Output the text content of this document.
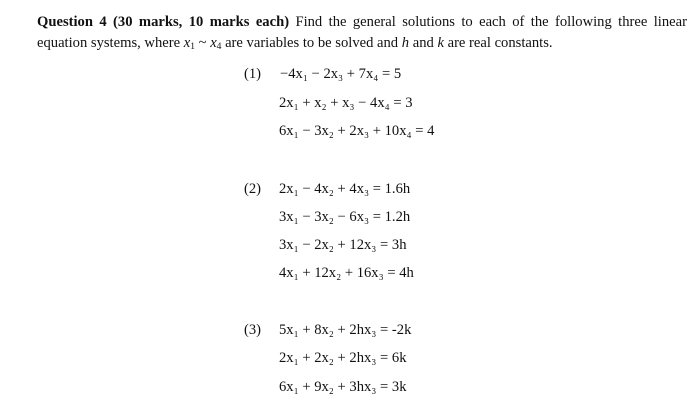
Question 4 (30 marks, 10 marks each) Find the general solutions to each of the following three linear
equation systems, where $x_1$ ~ $x_4$ are variables to be solved and h and k are real constants.
(1) −4x₁ − 2x₃ + 7x₄ = 5
2x₁ + x₂ + x₃ − 4x₄ = 3
6x₁ − 3x₂ + 2x₃ + 10x₄ = 4
(2) 2x₁ − 4x₂ + 4x₃ = 1.6h
3x₁ − 3x₂ − 6x₃ = 1.2h
3x₁ − 2x₂ + 12x₃ = 3h
4x₁ + 12x₂ + 16x₃ = 4h
(3) 5x₁ + 8x₂ + 2hx₃ = -2k
2x₁ + 2x₂ + 2hx₃ = 6k
6x₁ + 9x₂ + 3hx₃ = 3k
